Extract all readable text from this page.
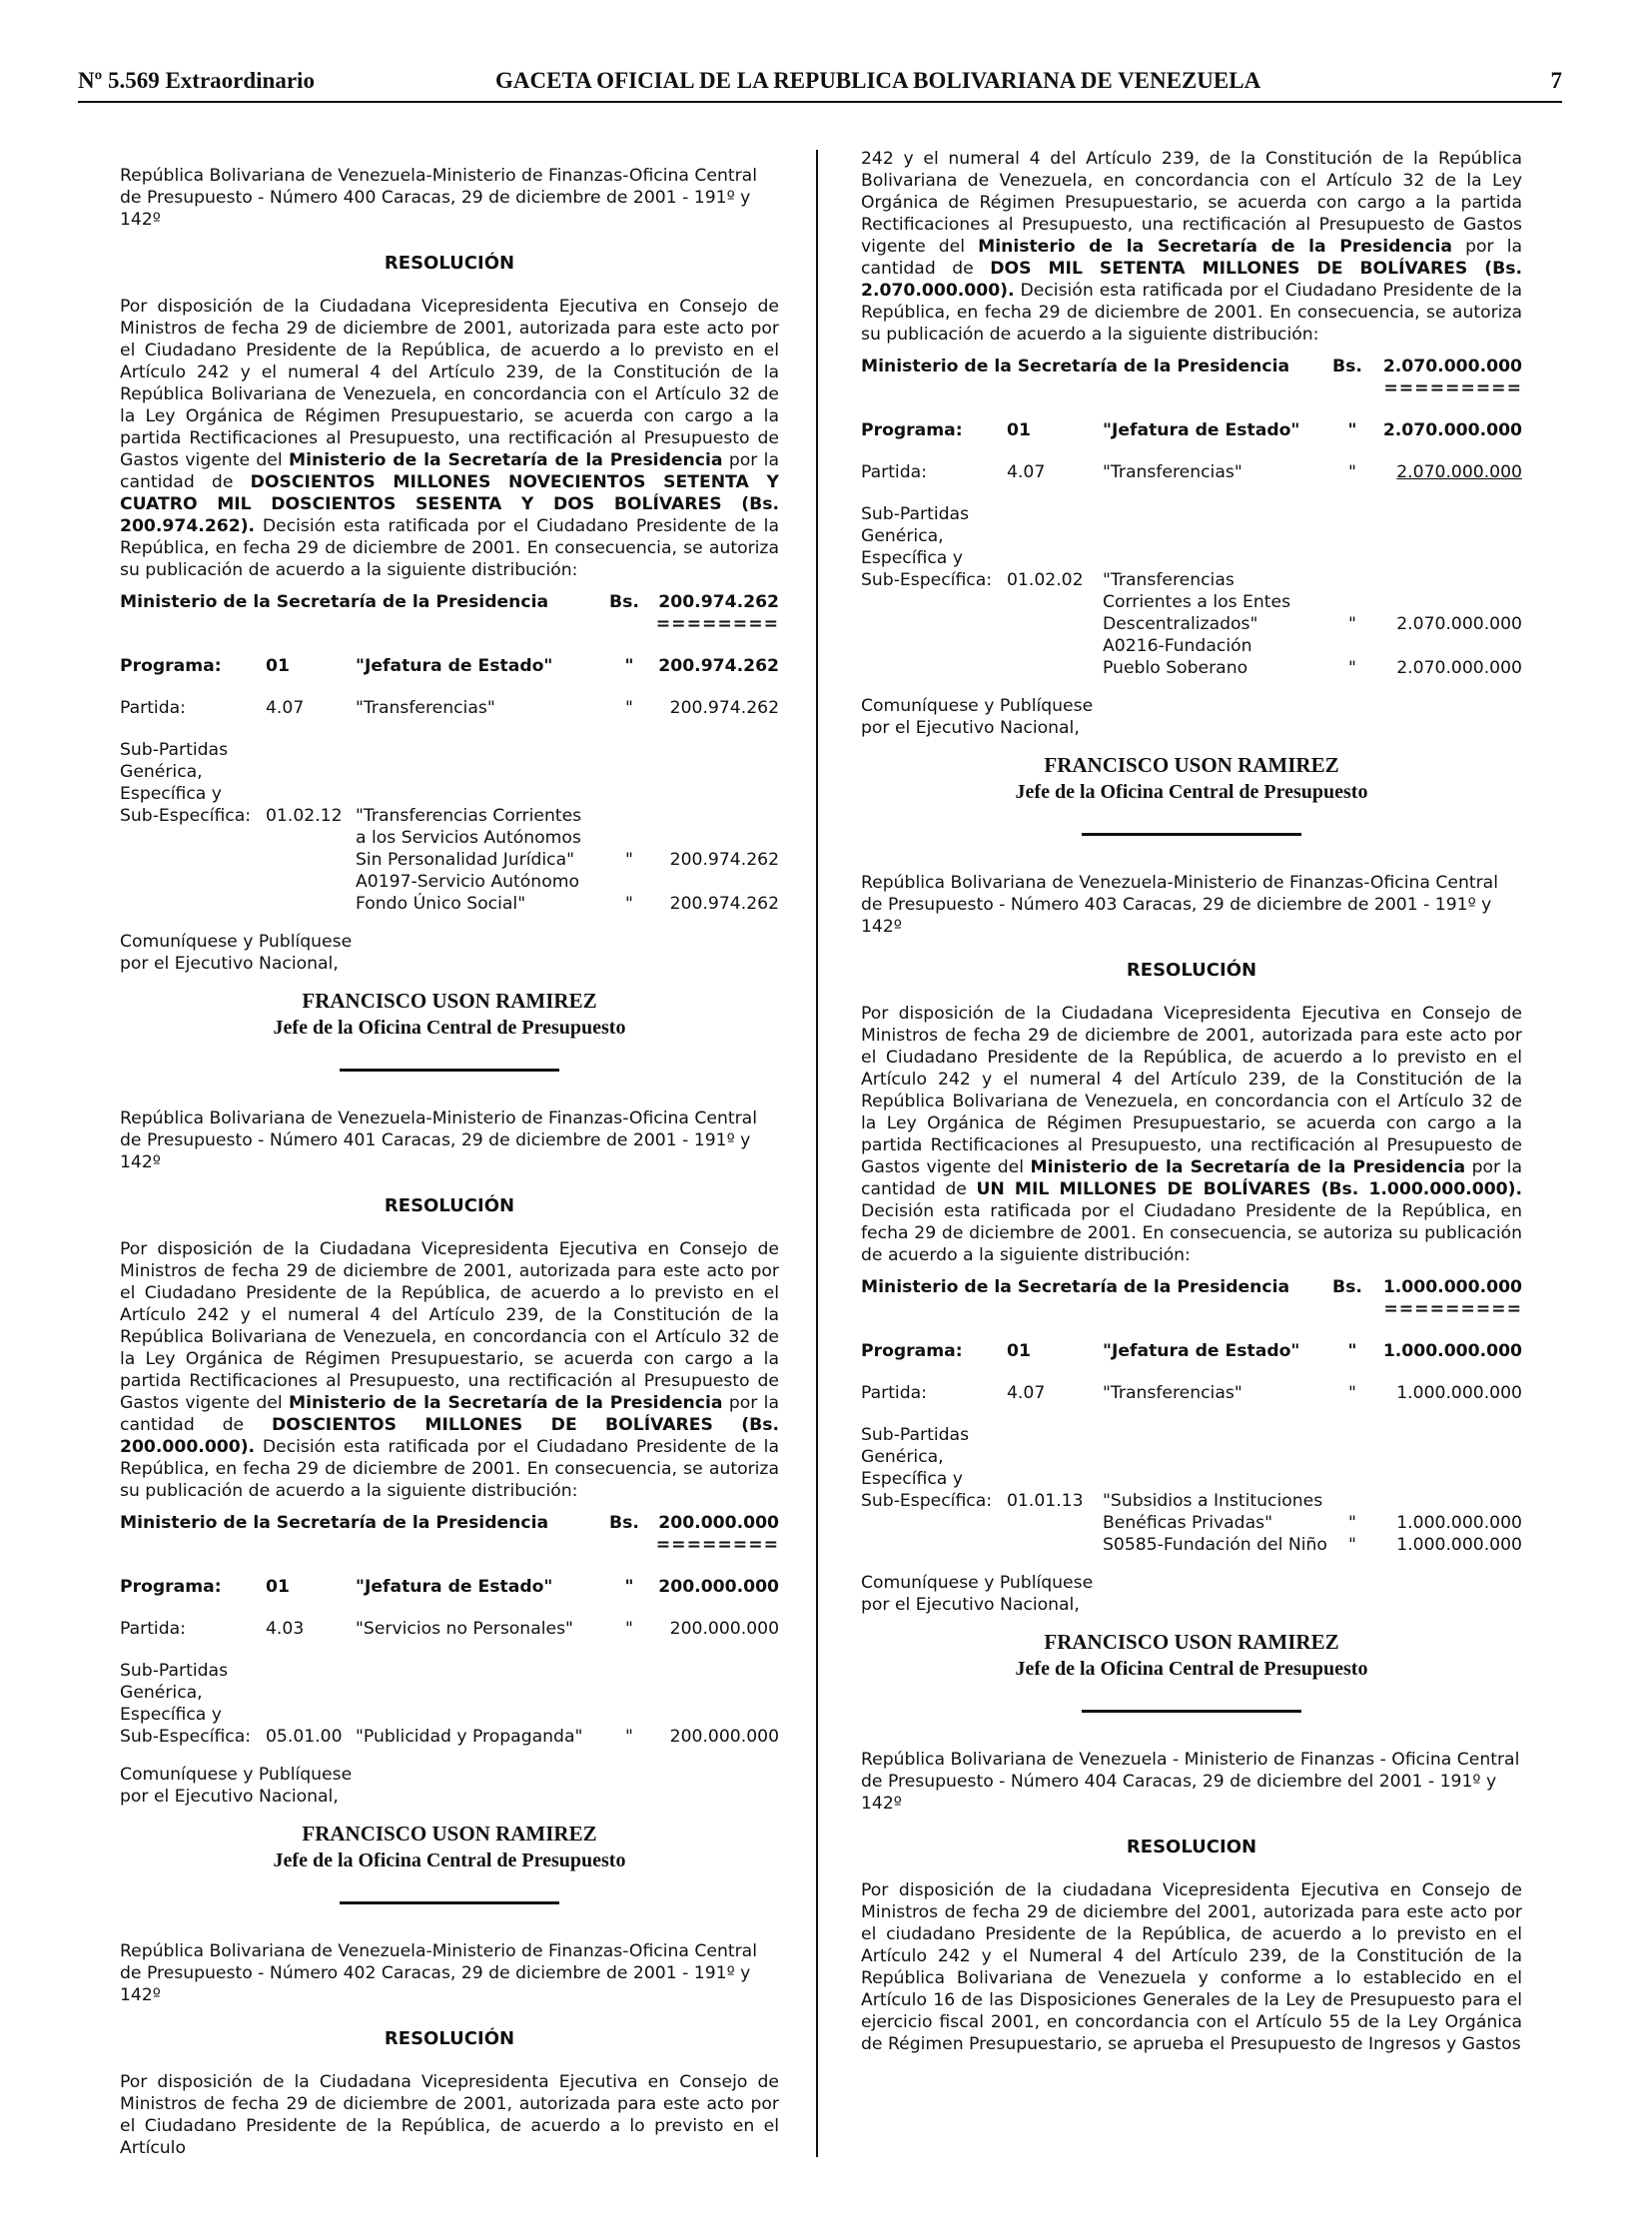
Nº 5.569 Extraordinario	GACETA OFICIAL DE LA REPUBLICA BOLIVARIANA DE VENEZUELA	7

República Bolivariana de Venezuela-Ministerio de Finanzas-Oficina Central de Presupuesto - Número 400 Caracas, 29 de diciembre de 2001 - 191º y 142º

RESOLUCIÓN

Por disposición de la Ciudadana Vicepresidenta Ejecutiva en Consejo de Ministros de fecha 29 de diciembre de 2001, autorizada para este acto por el Ciudadano Presidente de la República, de acuerdo a lo previsto en el Artículo 242 y el numeral 4 del Artículo 239, de la Constitución de la República Bolivariana de Venezuela, en concordancia con el Artículo 32 de la Ley Orgánica de Régimen Presupuestario, se acuerda con cargo a la partida Rectificaciones al Presupuesto, una rectificación al Presupuesto de Gastos vigente del Ministerio de la Secretaría de la Presidencia por la cantidad de DOSCIENTOS MILLONES NOVECIENTOS SETENTA Y CUATRO MIL DOSCIENTOS SESENTA Y DOS BOLÍVARES (Bs. 200.974.262). Decisión esta ratificada por el Ciudadano Presidente de la República, en fecha 29 de diciembre de 2001. En consecuencia, se autoriza su publicación de acuerdo a la siguiente distribución:

Ministerio de la Secretaría de la Presidencia			Bs.	200.974.262
				========

Programa:	01	"Jefatura de Estado"	"	200.974.262

Partida:	4.07	"Transferencias"	"	200.974.262

Sub-Partidas				
Genérica,				
Específica y				
Sub-Específica:	01.02.12	"Transferencias Corrientes		
		a los Servicios Autónomos		
		Sin Personalidad Jurídica"	"	200.974.262
		A0197-Servicio Autónomo		
		Fondo Único Social"	"	200.974.262
Comuníquese y Publíquese
por el Ejecutivo Nacional,
FRANCISCO USON RAMIREZ
Jefe de la Oficina Central de Presupuesto

República Bolivariana de Venezuela-Ministerio de Finanzas-Oficina Central de Presupuesto - Número 401 Caracas, 29 de diciembre de 2001 - 191º y 142º

RESOLUCIÓN

Por disposición de la Ciudadana Vicepresidenta Ejecutiva en Consejo de Ministros de fecha 29 de diciembre de 2001, autorizada para este acto por el Ciudadano Presidente de la República, de acuerdo a lo previsto en el Artículo 242 y el numeral 4 del Artículo 239, de la Constitución de la República Bolivariana de Venezuela, en concordancia con el Artículo 32 de la Ley Orgánica de Régimen Presupuestario, se acuerda con cargo a la partida Rectificaciones al Presupuesto, una rectificación al Presupuesto de Gastos vigente del Ministerio de la Secretaría de la Presidencia por la cantidad de DOSCIENTOS MILLONES DE BOLÍVARES (Bs. 200.000.000). Decisión esta ratificada por el Ciudadano Presidente de la República, en fecha 29 de diciembre de 2001. En consecuencia, se autoriza su publicación de acuerdo a la siguiente distribución:

Ministerio de la Secretaría de la Presidencia			Bs.	200.000.000
				========

Programa:	01	"Jefatura de Estado"	"	200.000.000

Partida:	4.03	"Servicios no Personales"	"	200.000.000

Sub-Partidas				
Genérica,				
Específica y				
Sub-Específica:	05.01.00	"Publicidad y Propaganda"	"	200.000.000
Comuníquese y Publíquese
por el Ejecutivo Nacional,
FRANCISCO USON RAMIREZ
Jefe de la Oficina Central de Presupuesto

República Bolivariana de Venezuela-Ministerio de Finanzas-Oficina Central de Presupuesto - Número 402 Caracas, 29 de diciembre de 2001 - 191º y 142º

RESOLUCIÓN

Por disposición de la Ciudadana Vicepresidenta Ejecutiva en Consejo de Ministros de fecha 29 de diciembre de 2001, autorizada para este acto por el Ciudadano Presidente de la República, de acuerdo a lo previsto en el Artículo

242 y el numeral 4 del Artículo 239, de la Constitución de la República Bolivariana de Venezuela, en concordancia con el Artículo 32 de la Ley Orgánica de Régimen Presupuestario, se acuerda con cargo a la partida Rectificaciones al Presupuesto, una rectificación al Presupuesto de Gastos vigente del Ministerio de la Secretaría de la Presidencia por la cantidad de DOS MIL SETENTA MILLONES DE BOLÍVARES (Bs. 2.070.000.000). Decisión esta ratificada por el Ciudadano Presidente de la República, en fecha 29 de diciembre de 2001. En consecuencia, se autoriza su publicación de acuerdo a la siguiente distribución:

Ministerio de la Secretaría de la Presidencia			Bs.	2.070.000.000
				=========

Programa:	01	"Jefatura de Estado"	"	2.070.000.000

Partida:	4.07	"Transferencias"	"	2.070.000.000

Sub-Partidas				
Genérica,				
Específica y				
Sub-Específica:	01.02.02	"Transferencias		
		Corrientes a los Entes		
		Descentralizados"	"	2.070.000.000
		A0216-Fundación		
		Pueblo Soberano	"	2.070.000.000
Comuníquese y Publíquese
por el Ejecutivo Nacional,
FRANCISCO USON RAMIREZ
Jefe de la Oficina Central de Presupuesto

República Bolivariana de Venezuela-Ministerio de Finanzas-Oficina Central de Presupuesto - Número 403 Caracas, 29 de diciembre de 2001 - 191º y 142º

RESOLUCIÓN

Por disposición de la Ciudadana Vicepresidenta Ejecutiva en Consejo de Ministros de fecha 29 de diciembre de 2001, autorizada para este acto por el Ciudadano Presidente de la República, de acuerdo a lo previsto en el Artículo 242 y el numeral 4 del Artículo 239, de la Constitución de la República Bolivariana de Venezuela, en concordancia con el Artículo 32 de la Ley Orgánica de Régimen Presupuestario, se acuerda con cargo a la partida Rectificaciones al Presupuesto, una rectificación al Presupuesto de Gastos vigente del Ministerio de la Secretaría de la Presidencia por la cantidad de UN MIL MILLONES DE BOLÍVARES (Bs. 1.000.000.000). Decisión esta ratificada por el Ciudadano Presidente de la República, en fecha 29 de diciembre de 2001. En consecuencia, se autoriza su publicación de acuerdo a la siguiente distribución:

Ministerio de la Secretaría de la Presidencia			Bs.	1.000.000.000
				=========

Programa:	01	"Jefatura de Estado"	"	1.000.000.000

Partida:	4.07	"Transferencias"	"	1.000.000.000

Sub-Partidas				
Genérica,				
Específica y				
Sub-Específica:	01.01.13	"Subsidios a Instituciones		
		Benéficas Privadas"	"	1.000.000.000
		S0585-Fundación del Niño	"	1.000.000.000
Comuníquese y Publíquese
por el Ejecutivo Nacional,
FRANCISCO USON RAMIREZ
Jefe de la Oficina Central de Presupuesto

República Bolivariana de Venezuela - Ministerio de Finanzas - Oficina Central de Presupuesto - Número 404 Caracas, 29 de diciembre del 2001 - 191º y 142º

RESOLUCION

Por disposición de la ciudadana Vicepresidenta Ejecutiva en Consejo de Ministros de fecha 29 de diciembre del 2001, autorizada para este acto por el ciudadano Presidente de la República, de acuerdo a lo previsto en el Artículo 242 y el Numeral 4 del Artículo 239, de la Constitución de la República Bolivariana de Venezuela y conforme a lo establecido en el Artículo 16 de las Disposiciones Generales de la Ley de Presupuesto para el ejercicio fiscal 2001, en concordancia con el Artículo 55 de la Ley Orgánica de Régimen Presupuestario, se aprueba el Presupuesto de Ingresos y Gastos
